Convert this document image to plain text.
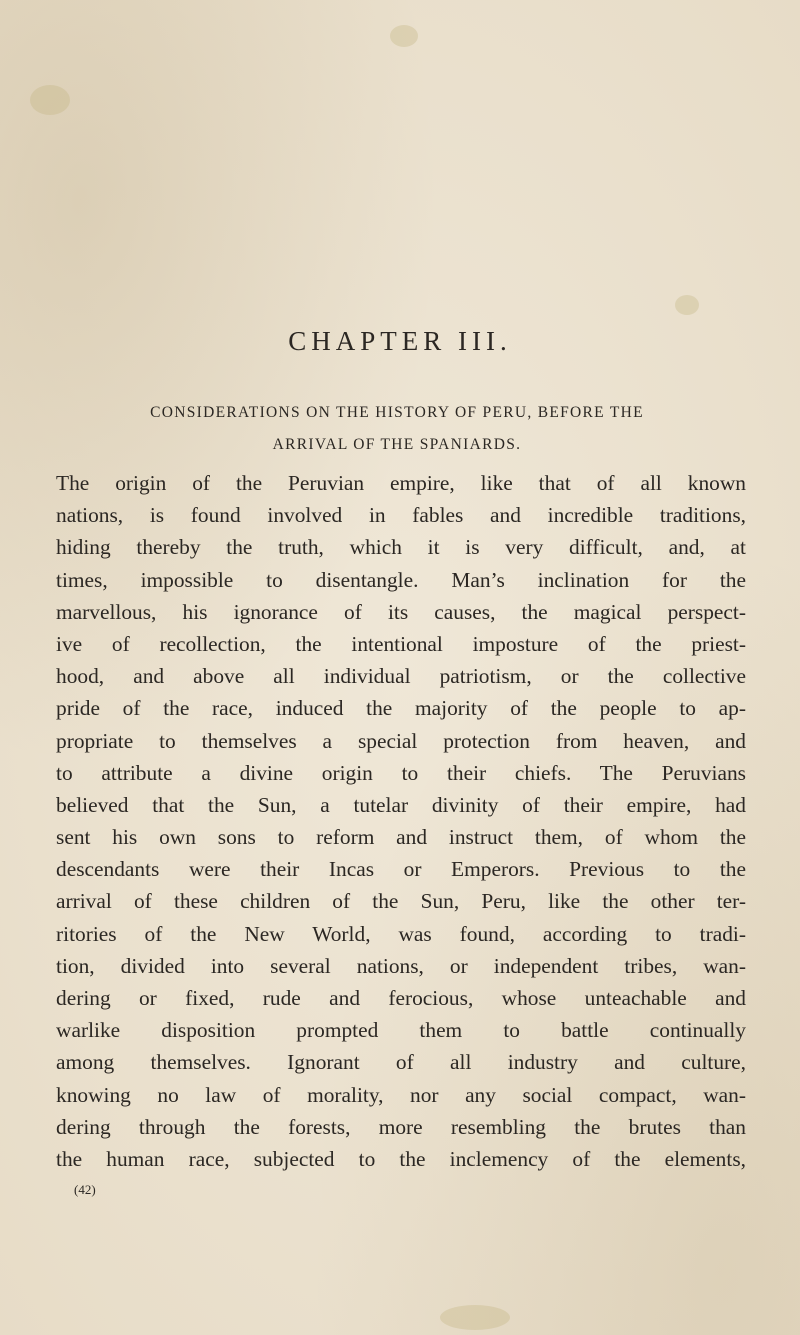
CHAPTER III.
CONSIDERATIONS ON THE HISTORY OF PERU, BEFORE THE
ARRIVAL OF THE SPANIARDS.
The origin of the Peruvian empire, like that of all known
nations, is found involved in fables and incredible traditions,
hiding thereby the truth, which it is very difficult, and, at
times, impossible to disentangle. Man’s inclination for the
marvellous, his ignorance of its causes, the magical perspect-
ive of recollection, the intentional imposture of the priest-
hood, and above all individual patriotism, or the collective
pride of the race, induced the majority of the people to ap-
propriate to themselves a special protection from heaven, and
to attribute a divine origin to their chiefs. The Peruvians
believed that the Sun, a tutelar divinity of their empire, had
sent his own sons to reform and instruct them, of whom the
descendants were their Incas or Emperors. Previous to the
arrival of these children of the Sun, Peru, like the other ter-
ritories of the New World, was found, according to tradi-
tion, divided into several nations, or independent tribes, wan-
dering or fixed, rude and ferocious, whose unteachable and
warlike disposition prompted them to battle continually
among themselves. Ignorant of all industry and culture,
knowing no law of morality, nor any social compact, wan-
dering through the forests, more resembling the brutes than
the human race, subjected to the inclemency of the elements,
(42)
